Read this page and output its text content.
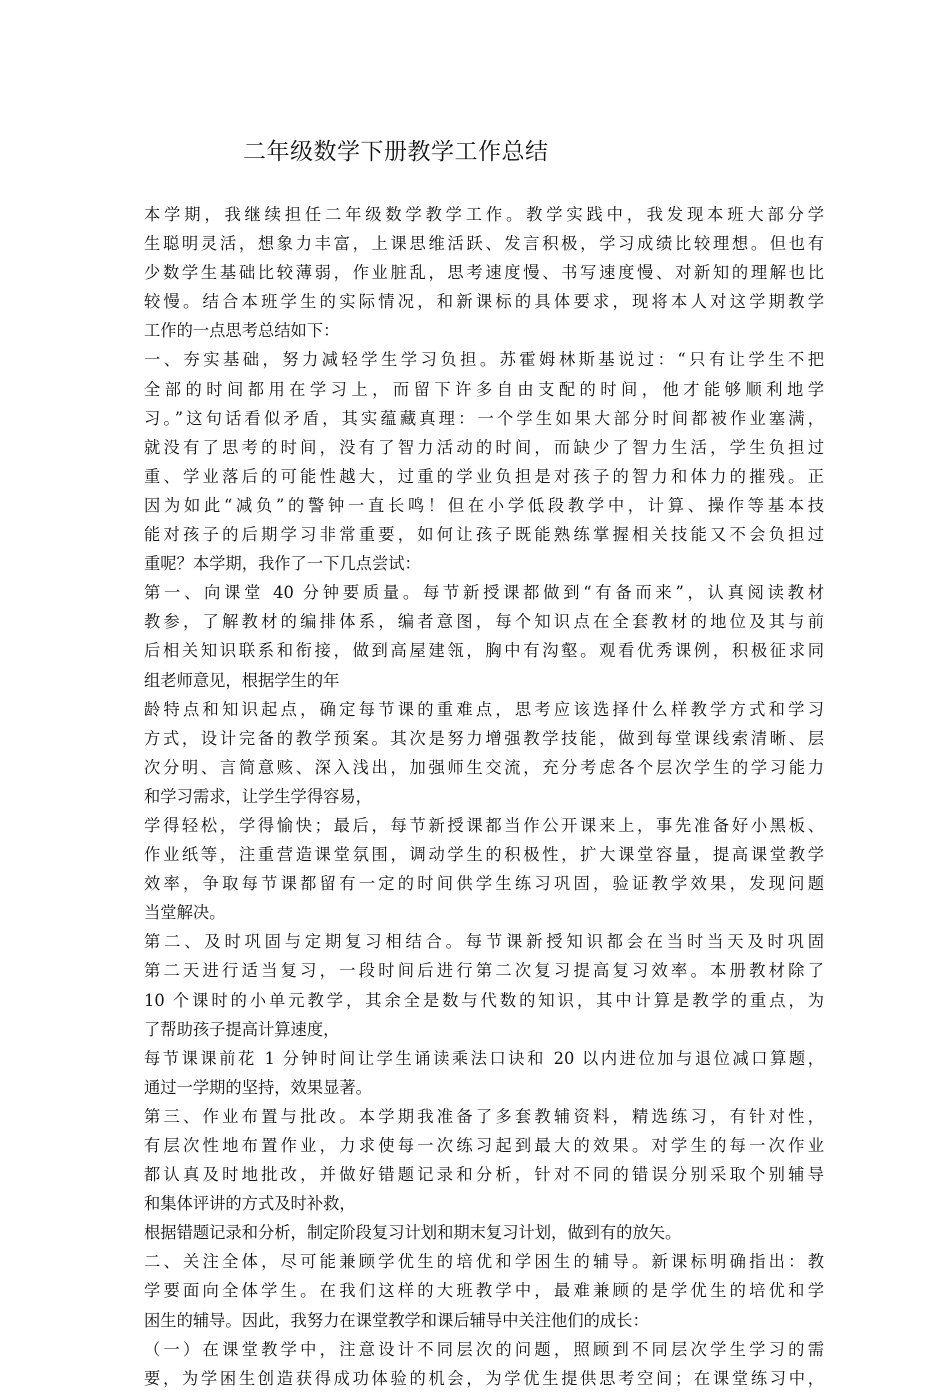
二年级数学下册教学工作总结
本学期，我继续担任二年级数学教学工作。教学实践中，我发现本班大部分学
生聪明灵活，想象力丰富，上课思维活跃、发言积极，学习成绩比较理想。但也有
少数学生基础比较薄弱，作业脏乱，思考速度慢、书写速度慢、对新知的理解也比
较慢。结合本班学生的实际情况，和新课标的具体要求，现将本人对这学期教学
工作的一点思考总结如下：
一、夯实基础，努力减轻学生学习负担。苏霍姆林斯基说过：“只有让学生不把
全部的时间都用在学习上，而留下许多自由支配的时间，他才能够顺利地学
习。”这句话看似矛盾，其实蕴藏真理：一个学生如果大部分时间都被作业塞满，
就没有了思考的时间，没有了智力活动的时间，而缺少了智力生活，学生负担过
重、学业落后的可能性越大，过重的学业负担是对孩子的智力和体力的摧残。正
因为如此“减负”的警钟一直长鸣！但在小学低段教学中，计算、操作等基本技
能对孩子的后期学习非常重要，如何让孩子既能熟练掌握相关技能又不会负担过
重呢？本学期，我作了一下几点尝试：
第一、向课堂 40 分钟要质量。每节新授课都做到“有备而来”，认真阅读教材
教参，了解教材的编排体系，编者意图，每个知识点在全套教材的地位及其与前
后相关知识联系和衔接，做到高屋建瓴，胸中有沟壑。观看优秀课例，积极征求同
组老师意见，根据学生的年
龄特点和知识起点，确定每节课的重难点，思考应该选择什么样教学方式和学习
方式，设计完备的教学预案。其次是努力增强教学技能，做到每堂课线索清晰、层
次分明、言简意赅、深入浅出，加强师生交流，充分考虑各个层次学生的学习能力
和学习需求，让学生学得容易，
学得轻松，学得愉快；最后，每节新授课都当作公开课来上，事先准备好小黑板、
作业纸等，注重营造课堂氛围，调动学生的积极性，扩大课堂容量，提高课堂教学
效率，争取每节课都留有一定的时间供学生练习巩固，验证教学效果，发现问题
当堂解决。
第二、及时巩固与定期复习相结合。每节课新授知识都会在当时当天及时巩固
第二天进行适当复习，一段时间后进行第二次复习提高复习效率。本册教材除了
10 个课时的小单元教学，其余全是数与代数的知识，其中计算是教学的重点，为
了帮助孩子提高计算速度，
每节课课前花 1 分钟时间让学生诵读乘法口诀和 20 以内进位加与退位减口算题，
通过一学期的坚持，效果显著。
第三、作业布置与批改。本学期我准备了多套教辅资料，精选练习，有针对性，
有层次性地布置作业，力求使每一次练习起到最大的效果。对学生的每一次作业
都认真及时地批改，并做好错题记录和分析，针对不同的错误分别采取个别辅导
和集体评讲的方式及时补救，
根据错题记录和分析，制定阶段复习计划和期末复习计划，做到有的放矢。
二、关注全体，尽可能兼顾学优生的培优和学困生的辅导。新课标明确指出：教
学要面向全体学生。在我们这样的大班教学中，最难兼顾的是学优生的培优和学
困生的辅导。因此，我努力在课堂教学和课后辅导中关注他们的成长：
（一）在课堂教学中，注意设计不同层次的问题，照顾到不同层次学生学习的需
要，为学困生创造获得成功体验的机会，为学优生提供思考空间；在课堂练习中，
